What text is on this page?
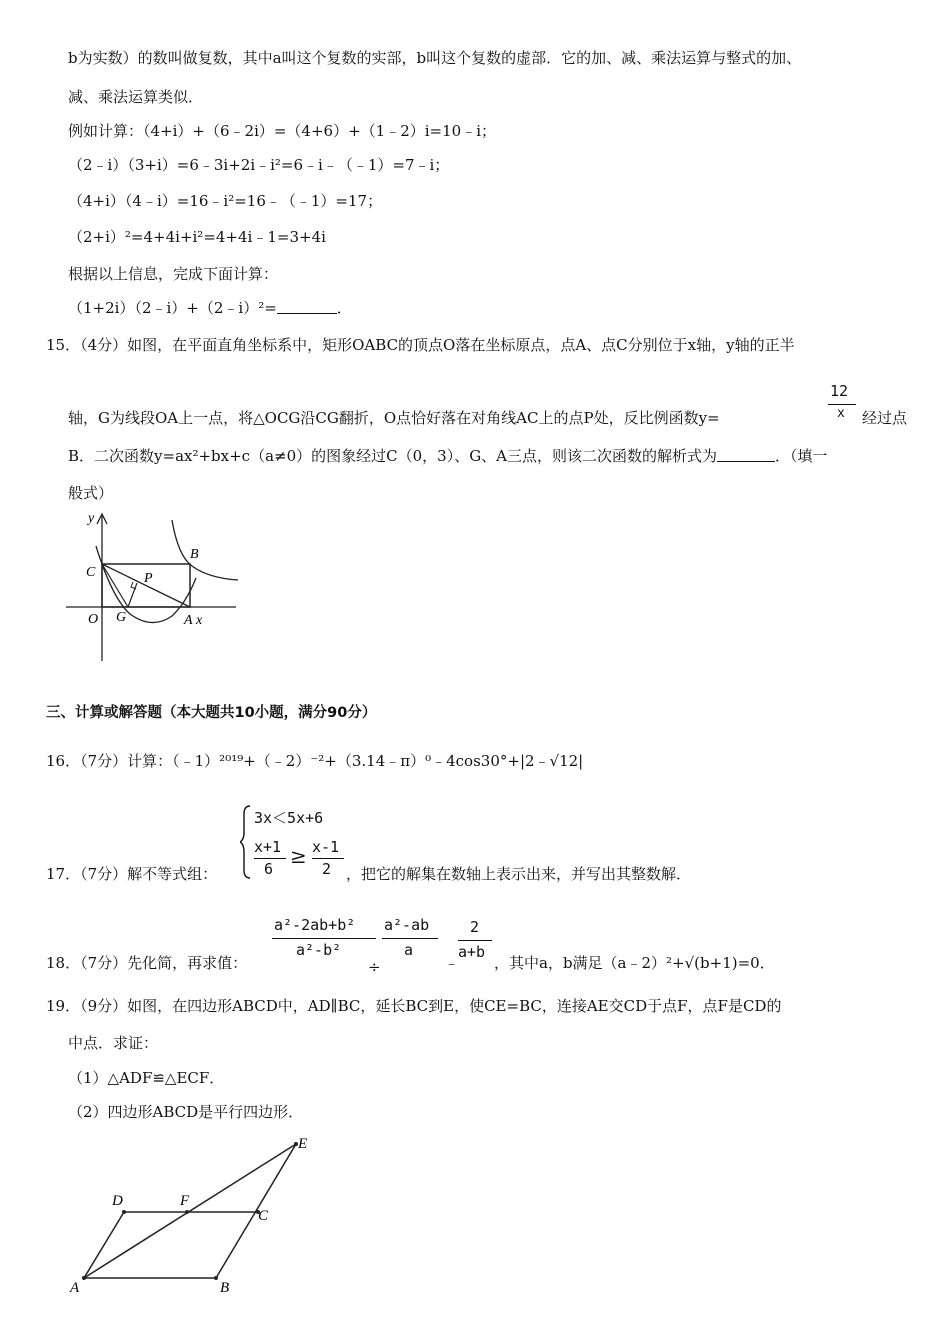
b为实数）的数叫做复数，其中a叫这个复数的实部，b叫这个复数的虚部．它的加、减、乘法运算与整式的加、
减、乘法运算类似．
例如计算：（4+i）+（6﹣2i）=（4+6）+（1﹣2）i=10﹣i；
（2﹣i）（3+i）=6﹣3i+2i﹣i²=6﹣i﹣（﹣1）=7﹣i；
（4+i）（4﹣i）=16﹣i²=16﹣（﹣1）=17；
（2+i）²=4+4i+i²=4+4i﹣1=3+4i
根据以上信息，完成下面计算：
（1+2i）（2﹣i）+（2﹣i）²=	．
15．（4分）如图，在平面直角坐标系中，矩形OABC的顶点O落在坐标原点，点A、点C分别位于x轴，y轴的正半
轴，G为线段OA上一点，将△OCG沿CG翻折，O点恰好落在对角线AC上的点P处，反比例函数y=
12
x 经过点
B．二次函数y=ax²+bx+c（a≠0）的图象经过C（0，3）、G、A三点，则该二次函数的解析式为	．（填一
般式）
y
C	P
B
O G	A x
三、计算或解答题（本大题共10小题，满分90分）
16．（7分）计算：（﹣1）²⁰¹⁹+（﹣2）⁻²+（3.14﹣π）⁰﹣4cos30°+|2﹣√12|
17．（7分）解不等式组：
3x＜5x+6
x+1
6
≥ x-1
2 ，把它的解集在数轴上表示出来，并写出其整数解．
18．（7分）先化简，再求值：
a²-2ab+b²
a²-b²
÷
a²-ab
a
﹣
2
a+b
，其中a，b满足（a﹣2）²+√(b+1)=0．
19．（9分）如图，在四边形ABCD中，AD∥BC，延长BC到E，使CE=BC，连接AE交CD于点F，点F是CD的
中点．求证：
（1）△ADF≌△ECF．
（2）四边形ABCD是平行四边形．
D	F
C
E
A	B
